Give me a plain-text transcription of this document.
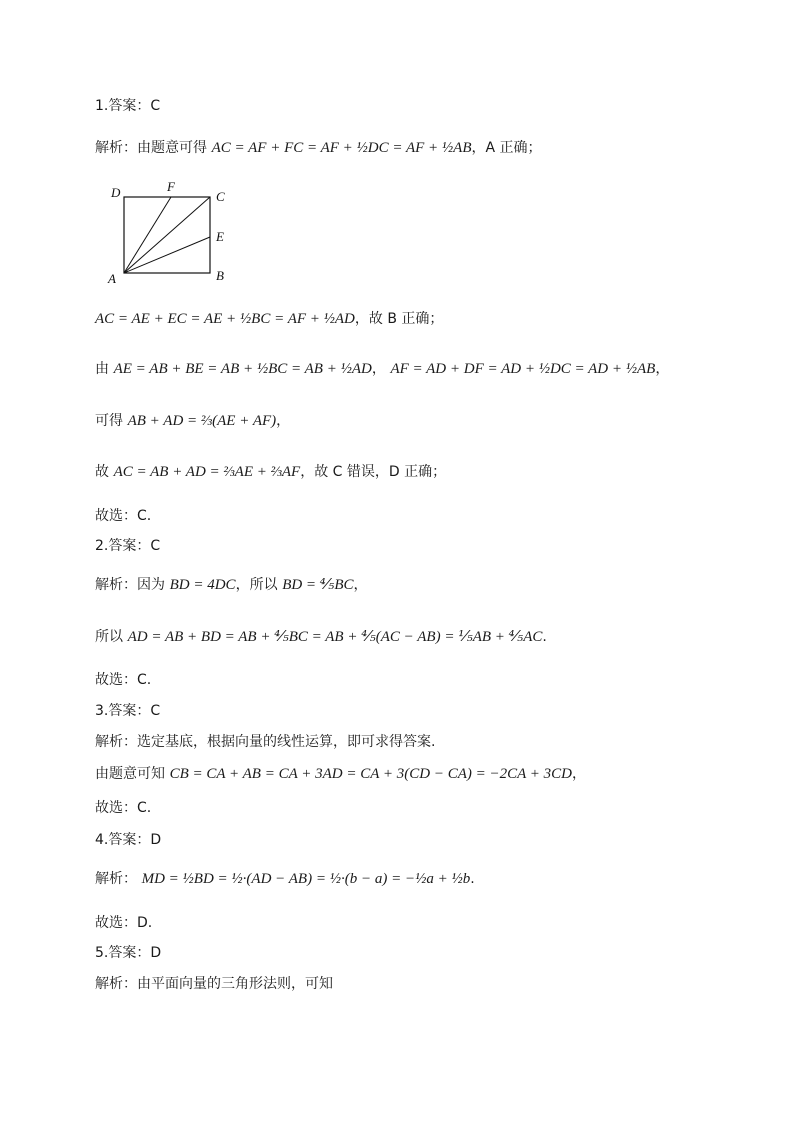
1.答案：C
解析：由题意可得 AC = AF + FC = AF + ½DC = AF + ½AB，A 正确；
D	F
C
E
A	B
AC = AE + EC = AE + ½BC = AF + ½AD，故 B 正确；
由 AE = AB + BE = AB + ½BC = AB + ½AD， AF = AD + DF = AD + ½DC = AD + ½AB，
可得 AB + AD = ⅔(AE + AF)，
故 AC = AB + AD = ⅔AE + ⅔AF，故 C 错误，D 正确；
故选：C.
2.答案：C
解析：因为 BD = 4DC，所以 BD = ⅘BC，
所以 AD = AB + BD = AB + ⅘BC = AB + ⅘(AC − AB) = ⅕AB + ⅘AC.
故选：C.
3.答案：C
解析：选定基底，根据向量的线性运算，即可求得答案.
由题意可知 CB = CA + AB = CA + 3AD = CA + 3(CD − CA) = −2CA + 3CD，
故选：C.
4.答案：D
解析： MD = ½BD = ½·(AD − AB) = ½·(b − a) = −½a + ½b.
故选：D.
5.答案：D
解析：由平面向量的三角形法则，可知
